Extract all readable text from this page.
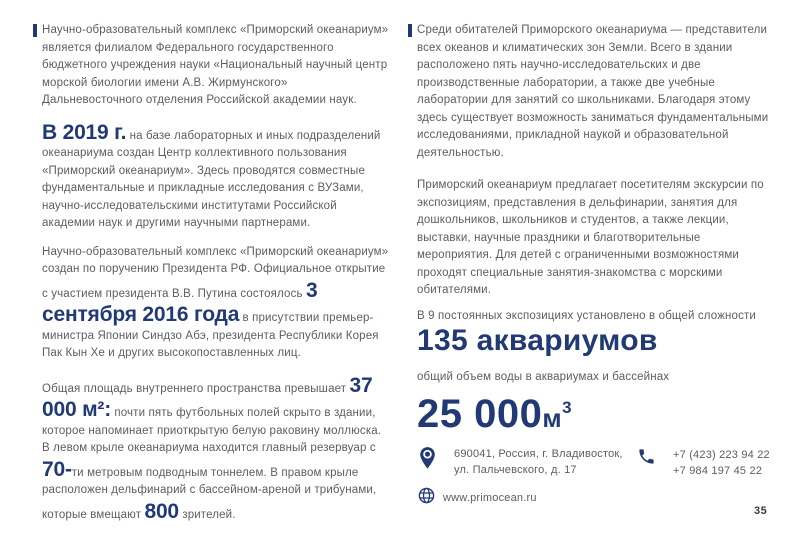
Научно-образовательный комплекс «Приморский океанариум» является филиалом Федерального государственного бюджетного учреждения науки «Национальный научный центр морской биологии имени А.В. Жирмунского» Дальневосточного отделения Российской академии наук.

В 2019 г. на базе лабораторных и иных подразделений океанариума создан Центр коллективного пользования «Приморский океанариум». Здесь проводятся совместные фундаментальные и прикладные исследования с ВУЗами, научно-исследовательскими институтами Российской академии наук и другими научными партнерами.

Научно-образовательный комплекс «Приморский океанариум» создан по поручению Президента РФ. Официальное открытие с участием президента В.В. Путина состоялось 3 сентября 2016 года в присутствии премьер-министра Японии Синдзо Абэ, президента Республики Корея Пак Кын Хе и других высокопоставленных лиц.

Общая площадь внутреннего пространства превышает 37 000 м²: почти пять футбольных полей скрыто в здании, которое напоминает приоткрытую белую раковину моллюска. В левом крыле океанариума находится главный резервуар с 70-ти метровым подводным тоннелем. В правом крыле расположен дельфинарий с бассейном-ареной и трибунами, которые вмещают 800 зрителей.

Среди обитателей Приморского океанариума — представители всех океанов и климатических зон Земли. Всего в здании расположено пять научно-исследовательских и две производственные лаборатории, а также две учебные лаборатории для занятий со школьниками. Благодаря этому здесь существует возможность заниматься фундаментальными исследованиями, прикладной наукой и образовательной деятельностью.

Приморский океанариум предлагает посетителям экскурсии по экспозициям, представления в дельфинарии, занятия для дошкольников, школьников и студентов, а также лекции, выставки, научные праздники и благотворительные мероприятия. Для детей с ограниченными возможностями проходят специальные занятия-знакомства с морскими обитателями.

В 9 постоянных экспозициях установлено в общей сложности
135 аквариумов
общий объем воды в аквариумах и бассейнах
25 $000м^3$
690041, Россия, г. Владивосток,
ул. Пальчевского, д. 17
+7 (423) 223 94 22
+7 984 197 45 22
www.primocean.ru
35
